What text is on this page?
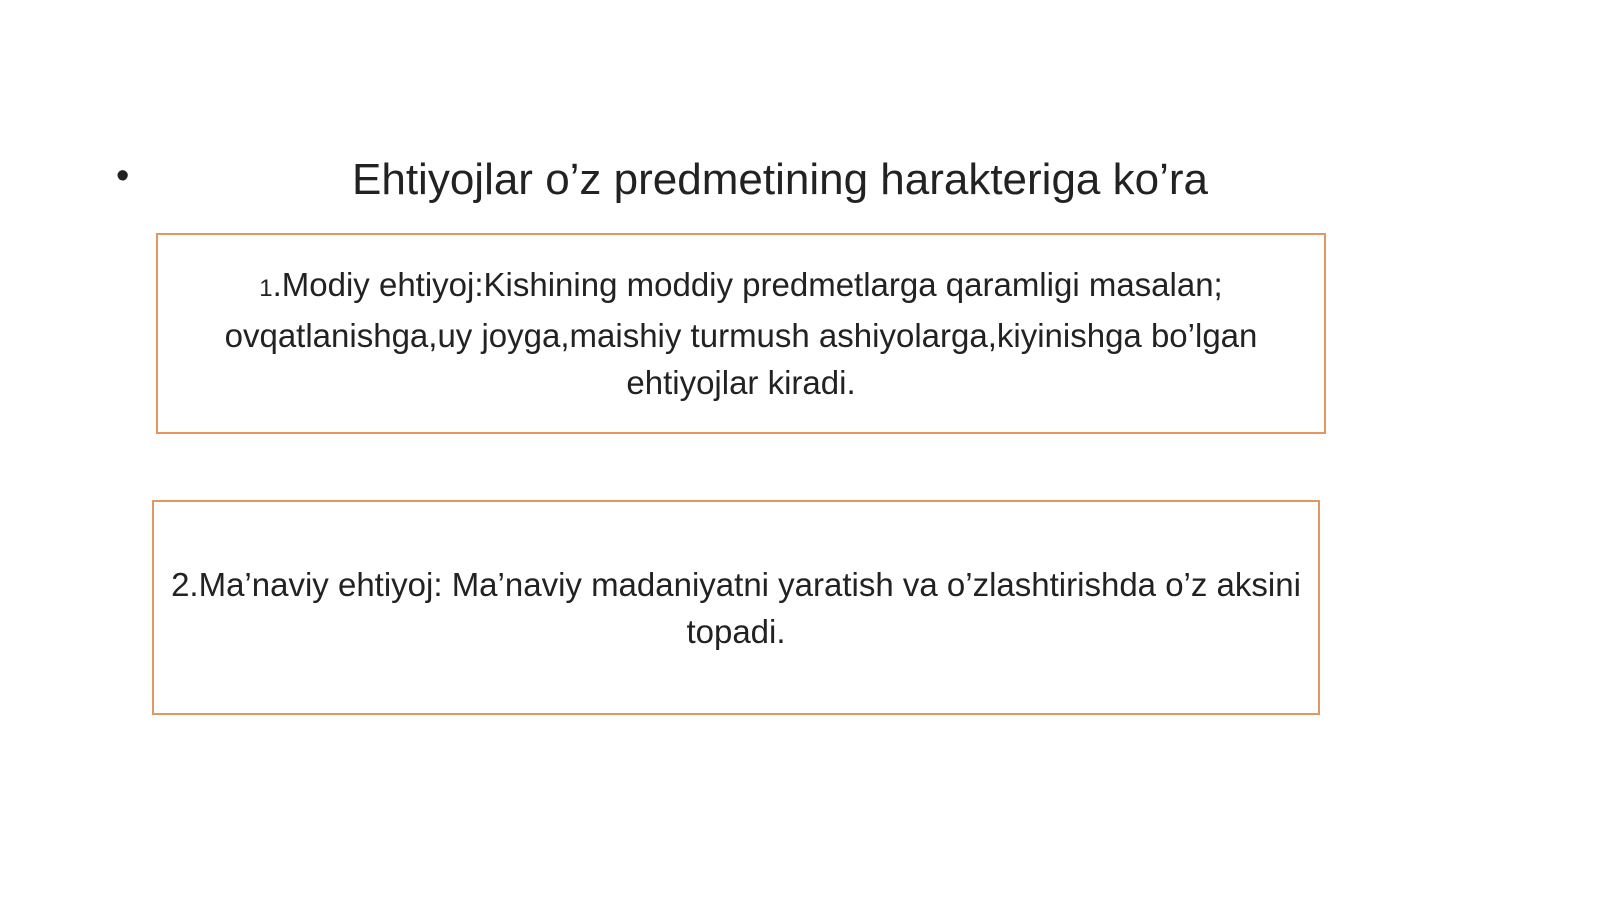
•	Ehtiyojlar o’z predmetining harakteriga ko’ra
1.Modiy ehtiyoj:Kishining moddiy predmetlarga qaramligi masalan; ovqatlanishga,uy joyga,maishiy turmush ashiyolarga,kiyinishga bo’lgan ehtiyojlar kiradi.
2.Ma’naviy ehtiyoj: Ma’naviy madaniyatni yaratish va o’zlashtirishda o’z aksini topadi.
